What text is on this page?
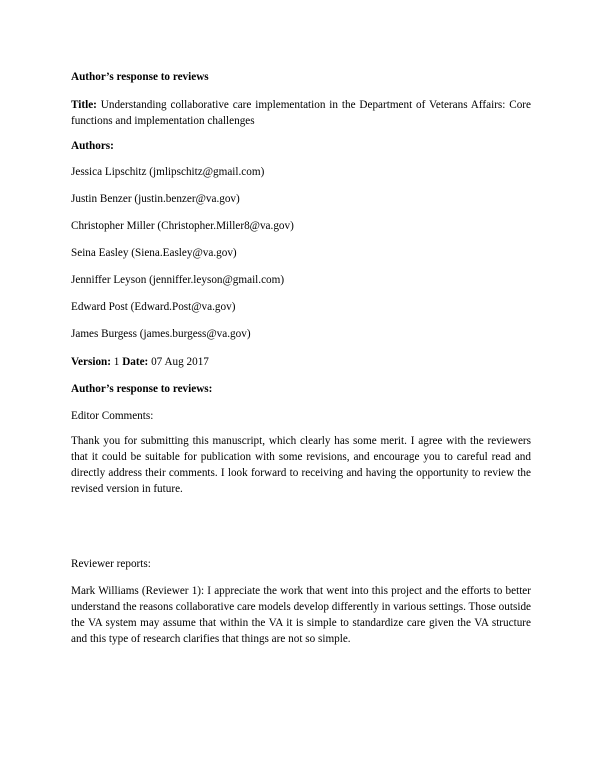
Author’s response to reviews

Title: Understanding collaborative care implementation in the Department of Veterans Affairs: Core functions and implementation challenges

Authors:

Jessica Lipschitz (jmlipschitz@gmail.com)

Justin Benzer (justin.benzer@va.gov)

Christopher Miller (Christopher.Miller8@va.gov)

Seina Easley (Siena.Easley@va.gov)

Jenniffer Leyson (jenniffer.leyson@gmail.com)

Edward Post (Edward.Post@va.gov)

James Burgess (james.burgess@va.gov)

Version: 1 Date: 07 Aug 2017

Author’s response to reviews:

Editor Comments:

Thank you for submitting this manuscript, which clearly has some merit. I agree with the reviewers that it could be suitable for publication with some revisions, and encourage you to careful read and directly address their comments. I look forward to receiving and having the opportunity to review the revised version in future.

Reviewer reports:

Mark Williams (Reviewer 1): I appreciate the work that went into this project and the efforts to better understand the reasons collaborative care models develop differently in various settings. Those outside the VA system may assume that within the VA it is simple to standardize care given the VA structure and this type of research clarifies that things are not so simple.
